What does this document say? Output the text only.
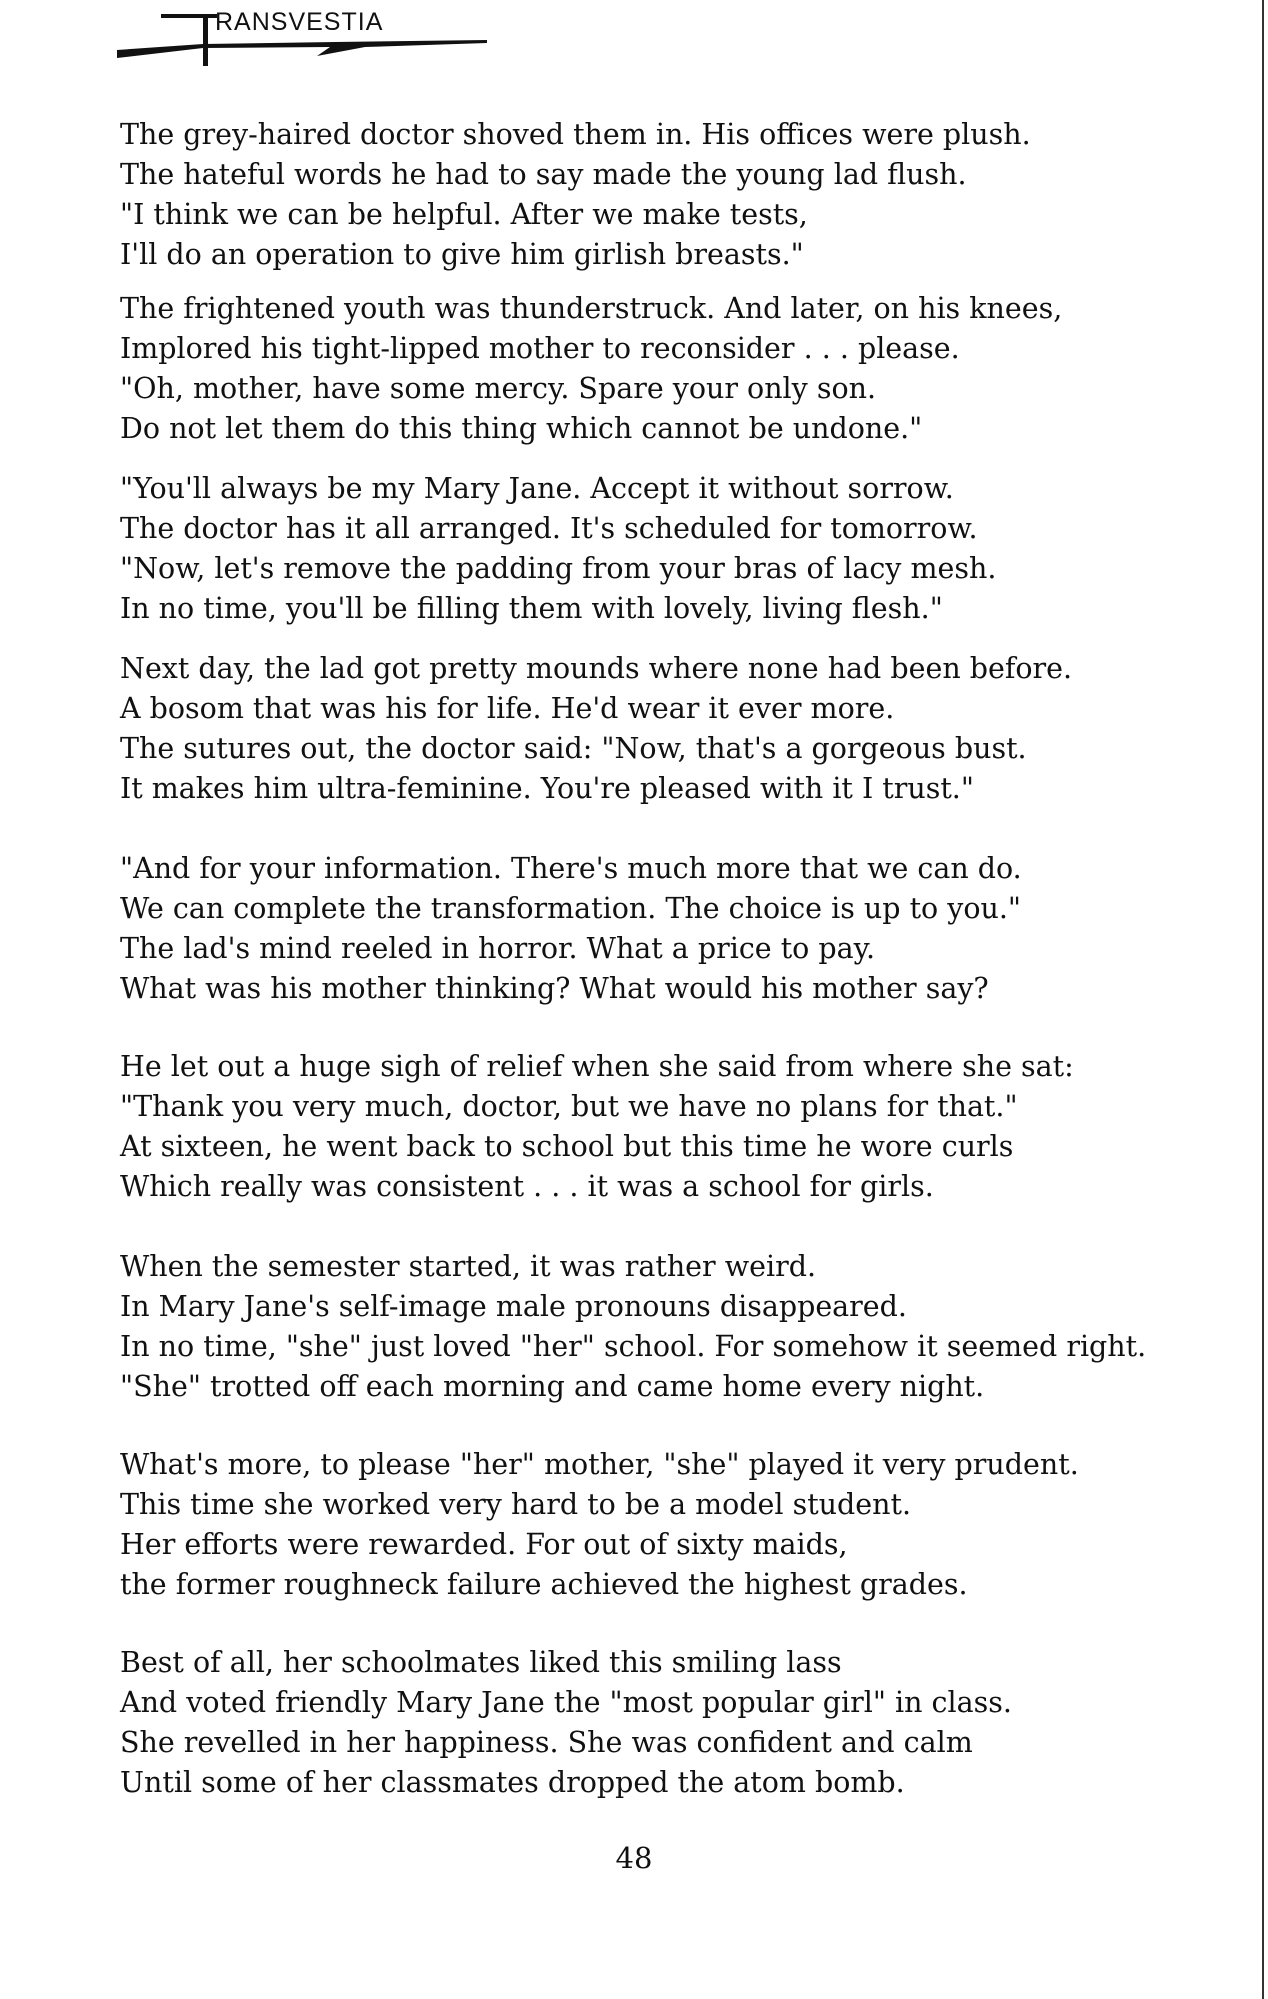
RANSVESTIA
The grey-haired doctor shoved them in. His offices were plush.
The hateful words he had to say made the young lad flush.
"I think we can be helpful. After we make tests,
I'll do an operation to give him girlish breasts."
The frightened youth was thunderstruck. And later, on his knees,
Implored his tight-lipped mother to reconsider . . . please.
"Oh, mother, have some mercy. Spare your only son.
Do not let them do this thing which cannot be undone."
"You'll always be my Mary Jane. Accept it without sorrow.
The doctor has it all arranged. It's scheduled for tomorrow.
"Now, let's remove the padding from your bras of lacy mesh.
In no time, you'll be filling them with lovely, living flesh."
Next day, the lad got pretty mounds where none had been before.
A bosom that was his for life. He'd wear it ever more.
The sutures out, the doctor said: "Now, that's a gorgeous bust.
It makes him ultra-feminine. You're pleased with it I trust."
"And for your information. There's much more that we can do.
We can complete the transformation. The choice is up to you."
The lad's mind reeled in horror. What a price to pay.
What was his mother thinking? What would his mother say?
He let out a huge sigh of relief when she said from where she sat:
"Thank you very much, doctor, but we have no plans for that."
At sixteen, he went back to school but this time he wore curls
Which really was consistent . . . it was a school for girls.
When the semester started, it was rather weird.
In Mary Jane's self-image male pronouns disappeared.
In no time, "she" just loved "her" school. For somehow it seemed right.
"She" trotted off each morning and came home every night.
What's more, to please "her" mother, "she" played it very prudent.
This time she worked very hard to be a model student.
Her efforts were rewarded. For out of sixty maids,
the former roughneck failure achieved the highest grades.
Best of all, her schoolmates liked this smiling lass
And voted friendly Mary Jane the "most popular girl" in class.
She revelled in her happiness. She was confident and calm
Until some of her classmates dropped the atom bomb.
48
